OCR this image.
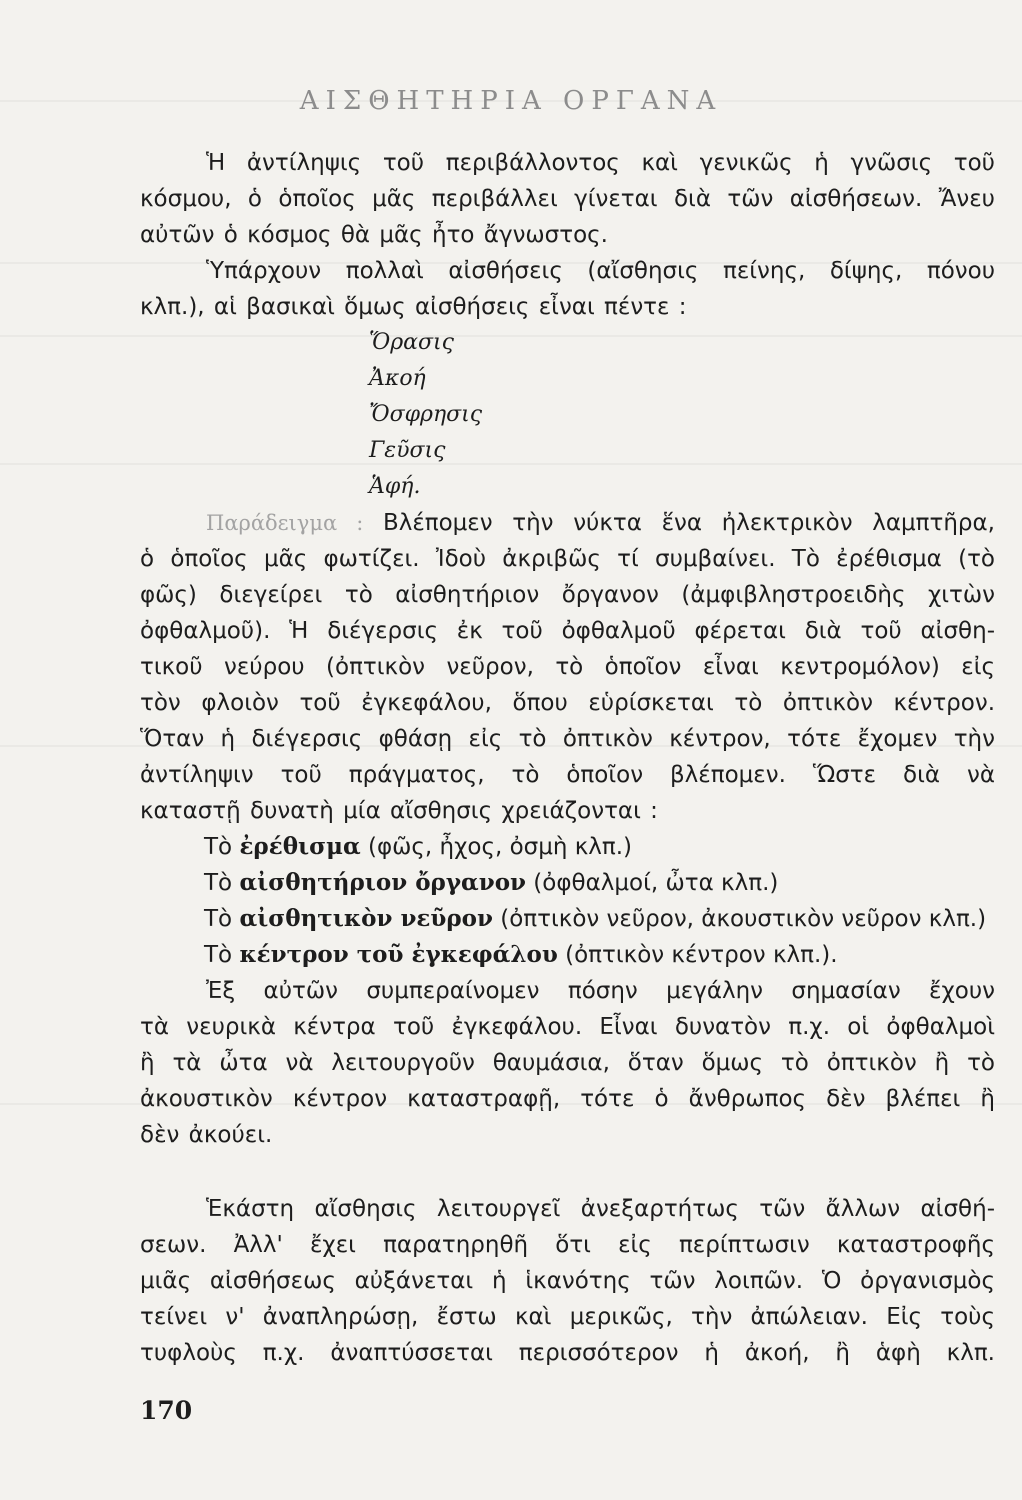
ΑΙΣΘΗΤΗΡΙΑ ΟΡΓΑΝΑ
Ἡ ἀντίληψις τοῦ περιβάλλοντος καὶ γενικῶς ἡ γνῶσις τοῦ
κόσμου, ὁ ὁποῖος μᾶς περιβάλλει γίνεται διὰ τῶν αἰσθήσεων. Ἄνευ
αὐτῶν ὁ κόσμος θὰ μᾶς ἦτο ἄγνωστος.
Ὑπάρχουν πολλαὶ αἰσθήσεις (αἴσθησις πείνης, δίψης, πόνου
κλπ.), αἱ βασικαὶ ὅμως αἰσθήσεις εἶναι πέντε :
Ὅρασις
Ἀκοή
Ὄσφρησις
Γεῦσις
Ἁφή.
Παράδειγμα : Βλέπομεν τὴν νύκτα ἕνα ἠλεκτρικὸν λαμπτῆρα,
ὁ ὁποῖος μᾶς φωτίζει. Ἰδοὺ ἀκριβῶς τί συμβαίνει. Τὸ ἐρέθισμα (τὸ
φῶς) διεγείρει τὸ αἰσθητήριον ὄργανον (ἀμφιβληστροειδὴς χιτὼν
ὀφθαλμοῦ). Ἡ διέγερσις ἐκ τοῦ ὀφθαλμοῦ φέρεται διὰ τοῦ αἰσθη-
τικοῦ νεύρου (ὀπτικὸν νεῦρον, τὸ ὁποῖον εἶναι κεντρομόλον) εἰς
τὸν φλοιὸν τοῦ ἐγκεφάλου, ὅπου εὑρίσκεται τὸ ὀπτικὸν κέντρον.
Ὅταν ἡ διέγερσις φθάσῃ εἰς τὸ ὀπτικὸν κέντρον, τότε ἔχομεν τὴν
ἀντίληψιν τοῦ πράγματος, τὸ ὁποῖον βλέπομεν. Ὥστε διὰ νὰ
καταστῇ δυνατὴ μία αἴσθησις χρειάζονται :
Τὸ ἐρέθισμα (φῶς, ἦχος, ὀσμὴ κλπ.)
Τὸ αἰσθητήριον ὄργανον (ὀφθαλμοί, ὦτα κλπ.)
Τὸ αἰσθητικὸν νεῦρον (ὀπτικὸν νεῦρον, ἀκουστικὸν νεῦρον κλπ.)
Τὸ κέντρον τοῦ ἐγκεφάλου (ὀπτικὸν κέντρον κλπ.).
Ἐξ αὐτῶν συμπεραίνομεν πόσην μεγάλην σημασίαν ἔχουν
τὰ νευρικὰ κέντρα τοῦ ἐγκεφάλου. Εἶναι δυνατὸν π.χ. οἱ ὀφθαλμοὶ
ἢ τὰ ὦτα νὰ λειτουργοῦν θαυμάσια, ὅταν ὅμως τὸ ὀπτικὸν ἢ τὸ
ἀκουστικὸν κέντρον καταστραφῇ, τότε ὁ ἄνθρωπος δὲν βλέπει ἢ
δὲν ἀκούει.
Ἑκάστη αἴσθησις λειτουργεῖ ἀνεξαρτήτως τῶν ἄλλων αἰσθή-
σεων. Ἀλλ' ἔχει παρατηρηθῆ ὅτι εἰς περίπτωσιν καταστροφῆς
μιᾶς αἰσθήσεως αὐξάνεται ἡ ἱκανότης τῶν λοιπῶν. Ὁ ὀργανισμὸς
τείνει ν' ἀναπληρώσῃ, ἔστω καὶ μερικῶς, τὴν ἀπώλειαν. Εἰς τοὺς
τυφλοὺς π.χ. ἀναπτύσσεται περισσότερον ἡ ἀκοή, ἢ ἁφὴ κλπ.
170
